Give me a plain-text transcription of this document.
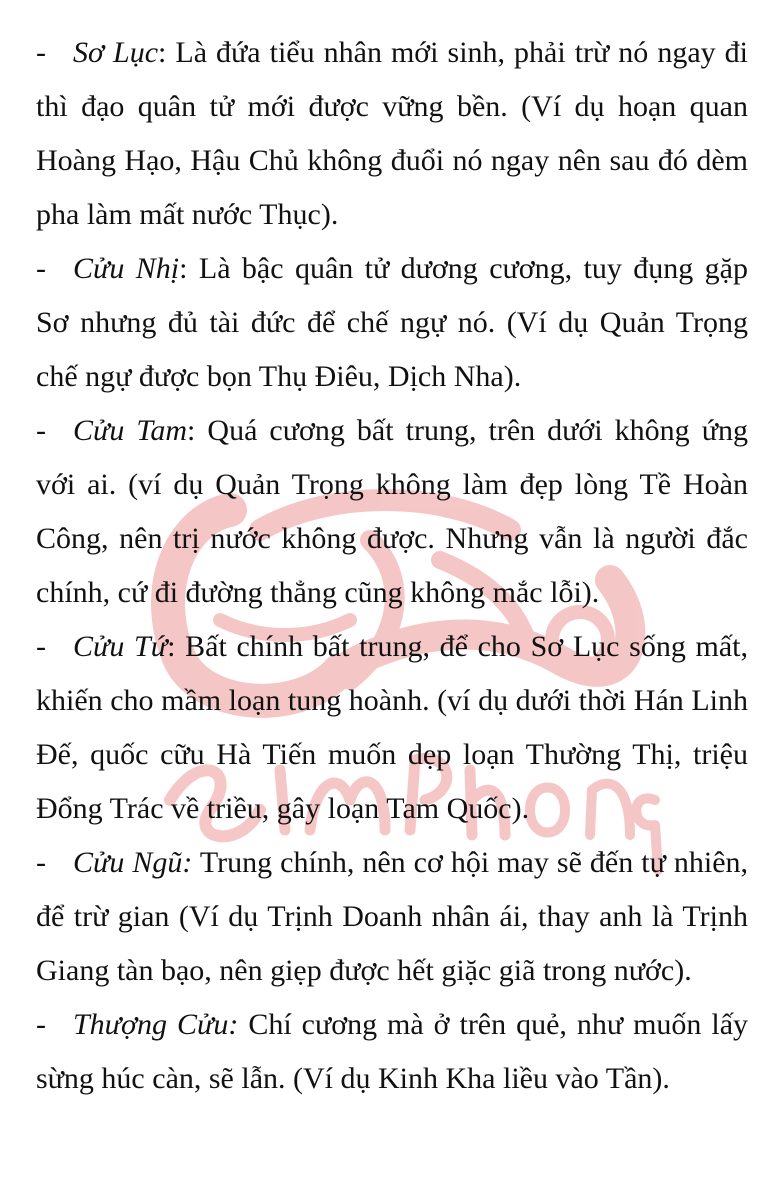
- Sơ Lục: Là đứa tiểu nhân mới sinh, phải trừ nó ngay đi thì đạo quân tử mới được vững bền. (Ví dụ hoạn quan Hoàng Hạo, Hậu Chủ không đuổi nó ngay nên sau đó dèm pha làm mất nước Thục).

- Cửu Nhị: Là bậc quân tử dương cương, tuy đụng gặp Sơ nhưng đủ tài đức để chế ngự nó. (Ví dụ Quản Trọng chế ngự được bọn Thụ Điêu, Dịch Nha).

- Cửu Tam: Quá cương bất trung, trên dưới không ứng với ai. (ví dụ Quản Trọng không làm đẹp lòng Tề Hoàn Công, nên trị nước không được. Nhưng vẫn là người đắc chính, cứ đi đường thẳng cũng không mắc lỗi).

- Cửu Tứ: Bất chính bất trung, để cho Sơ Lục sống mất, khiến cho mầm loạn tung hoành. (ví dụ dưới thời Hán Linh Đế, quốc cữu Hà Tiến muốn dẹp loạn Thường Thị, triệu Đổng Trác về triều, gây loạn Tam Quốc).

- Cửu Ngũ: Trung chính, nên cơ hội may sẽ đến tự nhiên, để trừ gian (Ví dụ Trịnh Doanh nhân ái, thay anh là Trịnh Giang tàn bạo, nên giẹp được hết giặc giã trong nước).

- Thượng Cửu: Chí cương mà ở trên quẻ, như muốn lấy sừng húc càn, sẽ lẫn. (Ví dụ Kinh Kha liều vào Tần).
